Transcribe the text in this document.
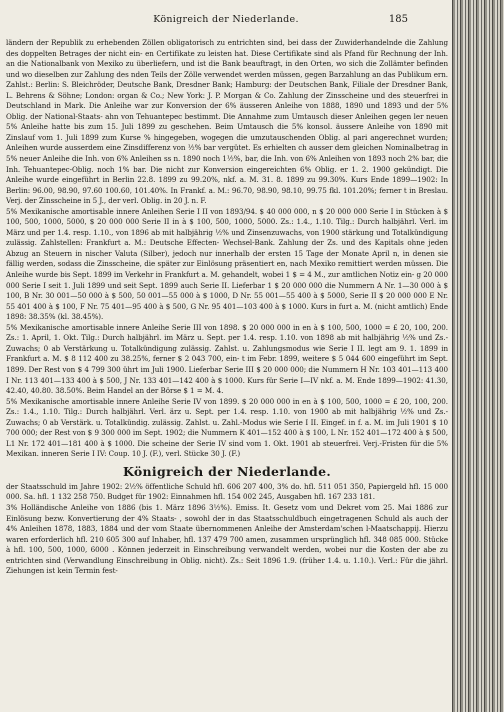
Königreich der Niederlande.	185

ländern der Republik zu erhebenden Zöllen obligatorisch zu entrichten sind, bei dass der Zuwiderhandelnde die Zahlung des doppelten Betrages der nicht ein- en Certifikate zu leisten hat. Diese Certifikate sind als Pfand für Rechnung der Inh. an die Nationalbank von Mexiko zu überliefern, und ist die Bank beauftragt, in den Orten, wo sich die Zollämter befinden und wo dieselben zur Zahlung des nden Teils der Zölle verwendet werden müssen, gegen Barzahlung an das Publikum ern. Zahlst.: Berlin: S. Bleichröder, Deutsche Bank, Dresdner Bank; Hamburg: der Deutschen Bank, Filiale der Dresdner Bank, L. Behrens & Söhne; London: organ & Co.; New York: J. P. Morgan & Co. Zahlung der Zinsscheine und des steuerfrei in Deutschland in Mark. Die Anleihe war zur Konversion der 6% äusseren Anleihe von 1888, 1890 und 1893 und der 5% Oblig. der National-Staats- ahn von Tehuantepec bestimmt. Die Annahme zum Umtausch dieser Anleihen gegen ler neuen 5% Anleihe hatte bis zum 15. Juli 1899 zu geschehen. Beim Umtausch die 5% konsol. äussere Anleihe von 1890 mit Zinslauf vom 1. Juli 1899 zum Kurse % hingegeben, wogegen die umzutauschenden Oblig. al pari angerechnet wurden; Anleihen wurde ausserdem eine Zinsdifferenz von ½% bar vergütet. Es erhielten ch ausser dem gleichen Nominalbetrag in 5% neuer Anleihe die Inh. von 6% Anleihen ss n. 1890 noch 1½%, bar, die Inh. von 6% Anleihen von 1893 noch 2% bar, die Inh. Tehuantepec-Oblig. noch 1% bar. Die nicht zur Konversion eingereichten 6% Oblig. er 1. 2. 1900 gekündigt. Die Anleihe wurde eingeführt in Berlin 22.8. 1899 zu 99.20%, nkf. a. M. 31. 8. 1899 zu 99.30%. Kurs Ende 1899—1902: In Berlin: 96.00, 98.90, 97.60 100.60, 101.40%. In Frankf. a. M.: 96.70, 98.90, 98.10, 99.75 fkl. 101.20%; ferner t in Breslau. Verj. der Zinsscheine in 5 J., der verl. Oblig. in 20 J. n. F.

5% Mexikanische amortisable innere Anleihen Serie I II von 1893/94. $ 40 000 000, n $ 20 000 000 Serie I in Stücken à $ 100, 500, 1000, 5000, $ 20 000 000 Serie II in à $ 100, 500, 1000, 5000. Zs.: 1.4., 1.10. Tilg.: Durch halbjährl. Verl. im März und per 1.4. resp. 1.10., von 1896 ab mit halbjährig ½% und Zinsenzuwachs, von 1900 stärkung und Totalkündigung zulässig. Zahlstellen: Frankfurt a. M.: Deutsche Effecten- Wechsel-Bank. Zahlung der Zs. und des Kapitals ohne jeden Abzug an Steuern in nischer Valuta (Silber), jedoch nur innerhalb der ersten 15 Tage der Monate April n, in denen sie fällig werden, sodass die Zinsscheine, die später zur Einlösung präsentiert en, nach Mexiko remittiert werden müssen. Die Anleihe wurde bis Sept. 1899 im Verkehr in Frankfurt a. M. gehandelt, wobei 1 $ = 4 M., zur amtlichen Notiz ein- g 20 000 000 Serie I seit 1. Juli 1899 und seit Sept. 1899 auch Serie II. Lieferbar 1 $ 20 000 000 die Nummern A Nr. 1—30 000 à $ 100, B Nr. 30 001—50 000 à $ 500, 50 001—55 000 à $ 1000, D Nr. 55 001—55 400 à $ 5000, Serie II $ 20 000 000 E Nr. 55 401 400 à $ 100, F Nr. 75 401—95 400 à $ 500, G Nr. 95 401—103 400 à $ 1000. Kurs in furt a. M. (nicht amtlich) Ende 1898: 38.35% (kl. 38.45%).

5% Mexikanische amortisable innere Anleihe Serie III von 1898. $ 20 000 000 in en à $ 100, 500, 1000 = £ 20, 100, 200. Zs.: 1. April, 1. Okt. Tilg.: Durch halbjährl. im März u. Sept. per 1.4. resp. 1.10. von 1898 ab mit halbjährig ½% und Zs.-Zuwachs; 0 ab Verstärkung u. Totalkündigung zulässig. Zahlst. u. Zahlungsmodus wie Serie I II. legt am 9. 1. 1899 in Frankfurt a. M. $ 8 112 400 zu 38.25%, ferner $ 2 043 700, ein- t im Febr. 1899, weitere $ 5 044 600 eingeführt im Sept. 1899. Der Rest von $ 4 799 300 ührt im Juli 1900. Lieferbar Serie III $ 20 000 000; die Nummern H Nr. 103 401—113 400 I Nr. 113 401—133 400 à $ 500, J Nr. 133 401—142 400 à $ 1000. Kurs für Serie I—IV nkf. a. M. Ende 1899—1902: 41.30, 42.40, 40.80. 38.50%. Beim Handel an der Börse $ 1 = M. 4.

5% Mexikanische amortisable innere Anleihe Serie IV von 1899. $ 20 000 000 in en à $ 100, 500, 1000 = £ 20, 100, 200. Zs.: 1.4., 1.10. Tilg.: Durch halbjährl. Verl. ärz u. Sept. per 1.4. resp. 1.10. von 1900 ab mit halbjährig ½% und Zs.-Zuwachs; 0 ab Verstärk. u. Totalkündig. zulässig. Zahlst. u. Zahl.-Modus wie Serie I II. Eingef. in f. a. M. im Juli 1901 $ 10 700 000; der Rest von $ 9 300 000 im Sept. 1902; die Nummern K 401—152 400 à $ 100, L Nr. 152 401—172 400 à $ 500, L1 Nr. 172 401—181 400 à $ 1000. Die scheine der Serie IV sind vom 1. Okt. 1901 ab steuerfrei. Verj.-Fristen für die 5% Mexikan. inneren Serie I IV: Coup. 10 J. (F.), verl. Stücke 30 J. (F.)

Königreich der Niederlande.

der Staatsschuld im Jahre 1902: 2½% öffentliche Schuld hfl. 606 207 400, 3% do. hfl. 511 051 350, Papiergeld hfl. 15 000 000. Sa. hfl. 1 132 258 750. Budget für 1902: Einnahmen hfl. 154 002 245, Ausgaben hfl. 167 233 181.

3% Holländische Anleihe von 1886 (bis 1. März 1896 3½%). Emiss. It. Gesetz vom und Dekret vom 25. Mai 1886 zur Einlösung bezw. Konvertierung der 4% Staats- , sowohl der in das Staatsschuldbuch eingetragenen Schuld als auch der 4% Anleihen 1878, 1883, 1884 und der vom Staate übernommenen Anleihe der Amsterdam'schen l-Maatschappij. Hierzu waren erforderlich hfl. 210 605 300 auf Inhaber, hfl. 137 479 700 amen, zusammen ursprünglich hfl. 348 085 000. Stücke à hfl. 100, 500, 1000, 6000 . Können jederzeit in Einschreibung verwandelt werden, wobei nur die Kosten der abe zu entrichten sind (Verwandlung Einschreibung in Oblig. nicht). Zs.: Seit 1896 1.9. (früher 1.4. u. 1.10.). Verl.: Für die jährl. Ziehungen ist kein Termin fest-
